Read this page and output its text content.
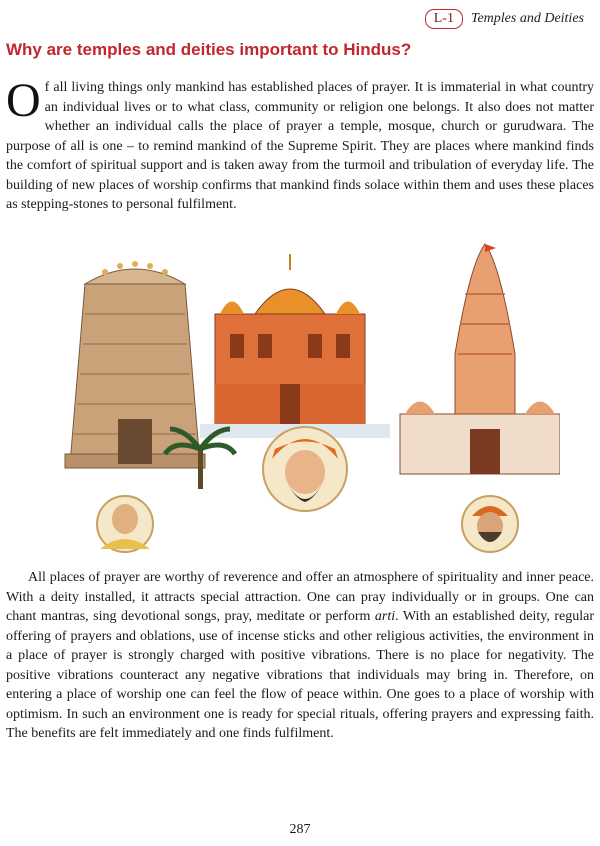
L-1	Temples and Deities
Why are temples and deities important to Hindus?

Of all living things only mankind has established places of prayer. It is immaterial in what country an individual lives or to what class, community or religion one belongs. It also does not matter whether an individual calls the place of prayer a temple, mosque, church or gurudwara. The purpose of all is one – to remind mankind of the Supreme Spirit. They are places where mankind finds the comfort of spiritual support and is taken away from the turmoil and tribulation of everyday life. The building of new places of worship confirms that mankind finds solace within them and uses these places as stepping-stones to personal fulfilment.

All places of prayer are worthy of reverence and offer an atmosphere of spirituality and inner peace. With a deity installed, it attracts special attraction. One can pray individually or in groups. One can chant mantras, sing devotional songs, pray, meditate or perform arti. With an established deity, regular offering of prayers and oblations, use of incense sticks and other religious activities, the environment in a place of prayer is strongly charged with positive vibrations. There is no place for negativity. The positive vibrations counteract any negative vibrations that individuals may bring in. Therefore, on entering a place of worship one can feel the flow of peace within. One goes to a place of worship with optimism. In such an environment one is ready for special rituals, offering prayers and expressing faith. The benefits are felt immediately and one finds fulfilment.

287
